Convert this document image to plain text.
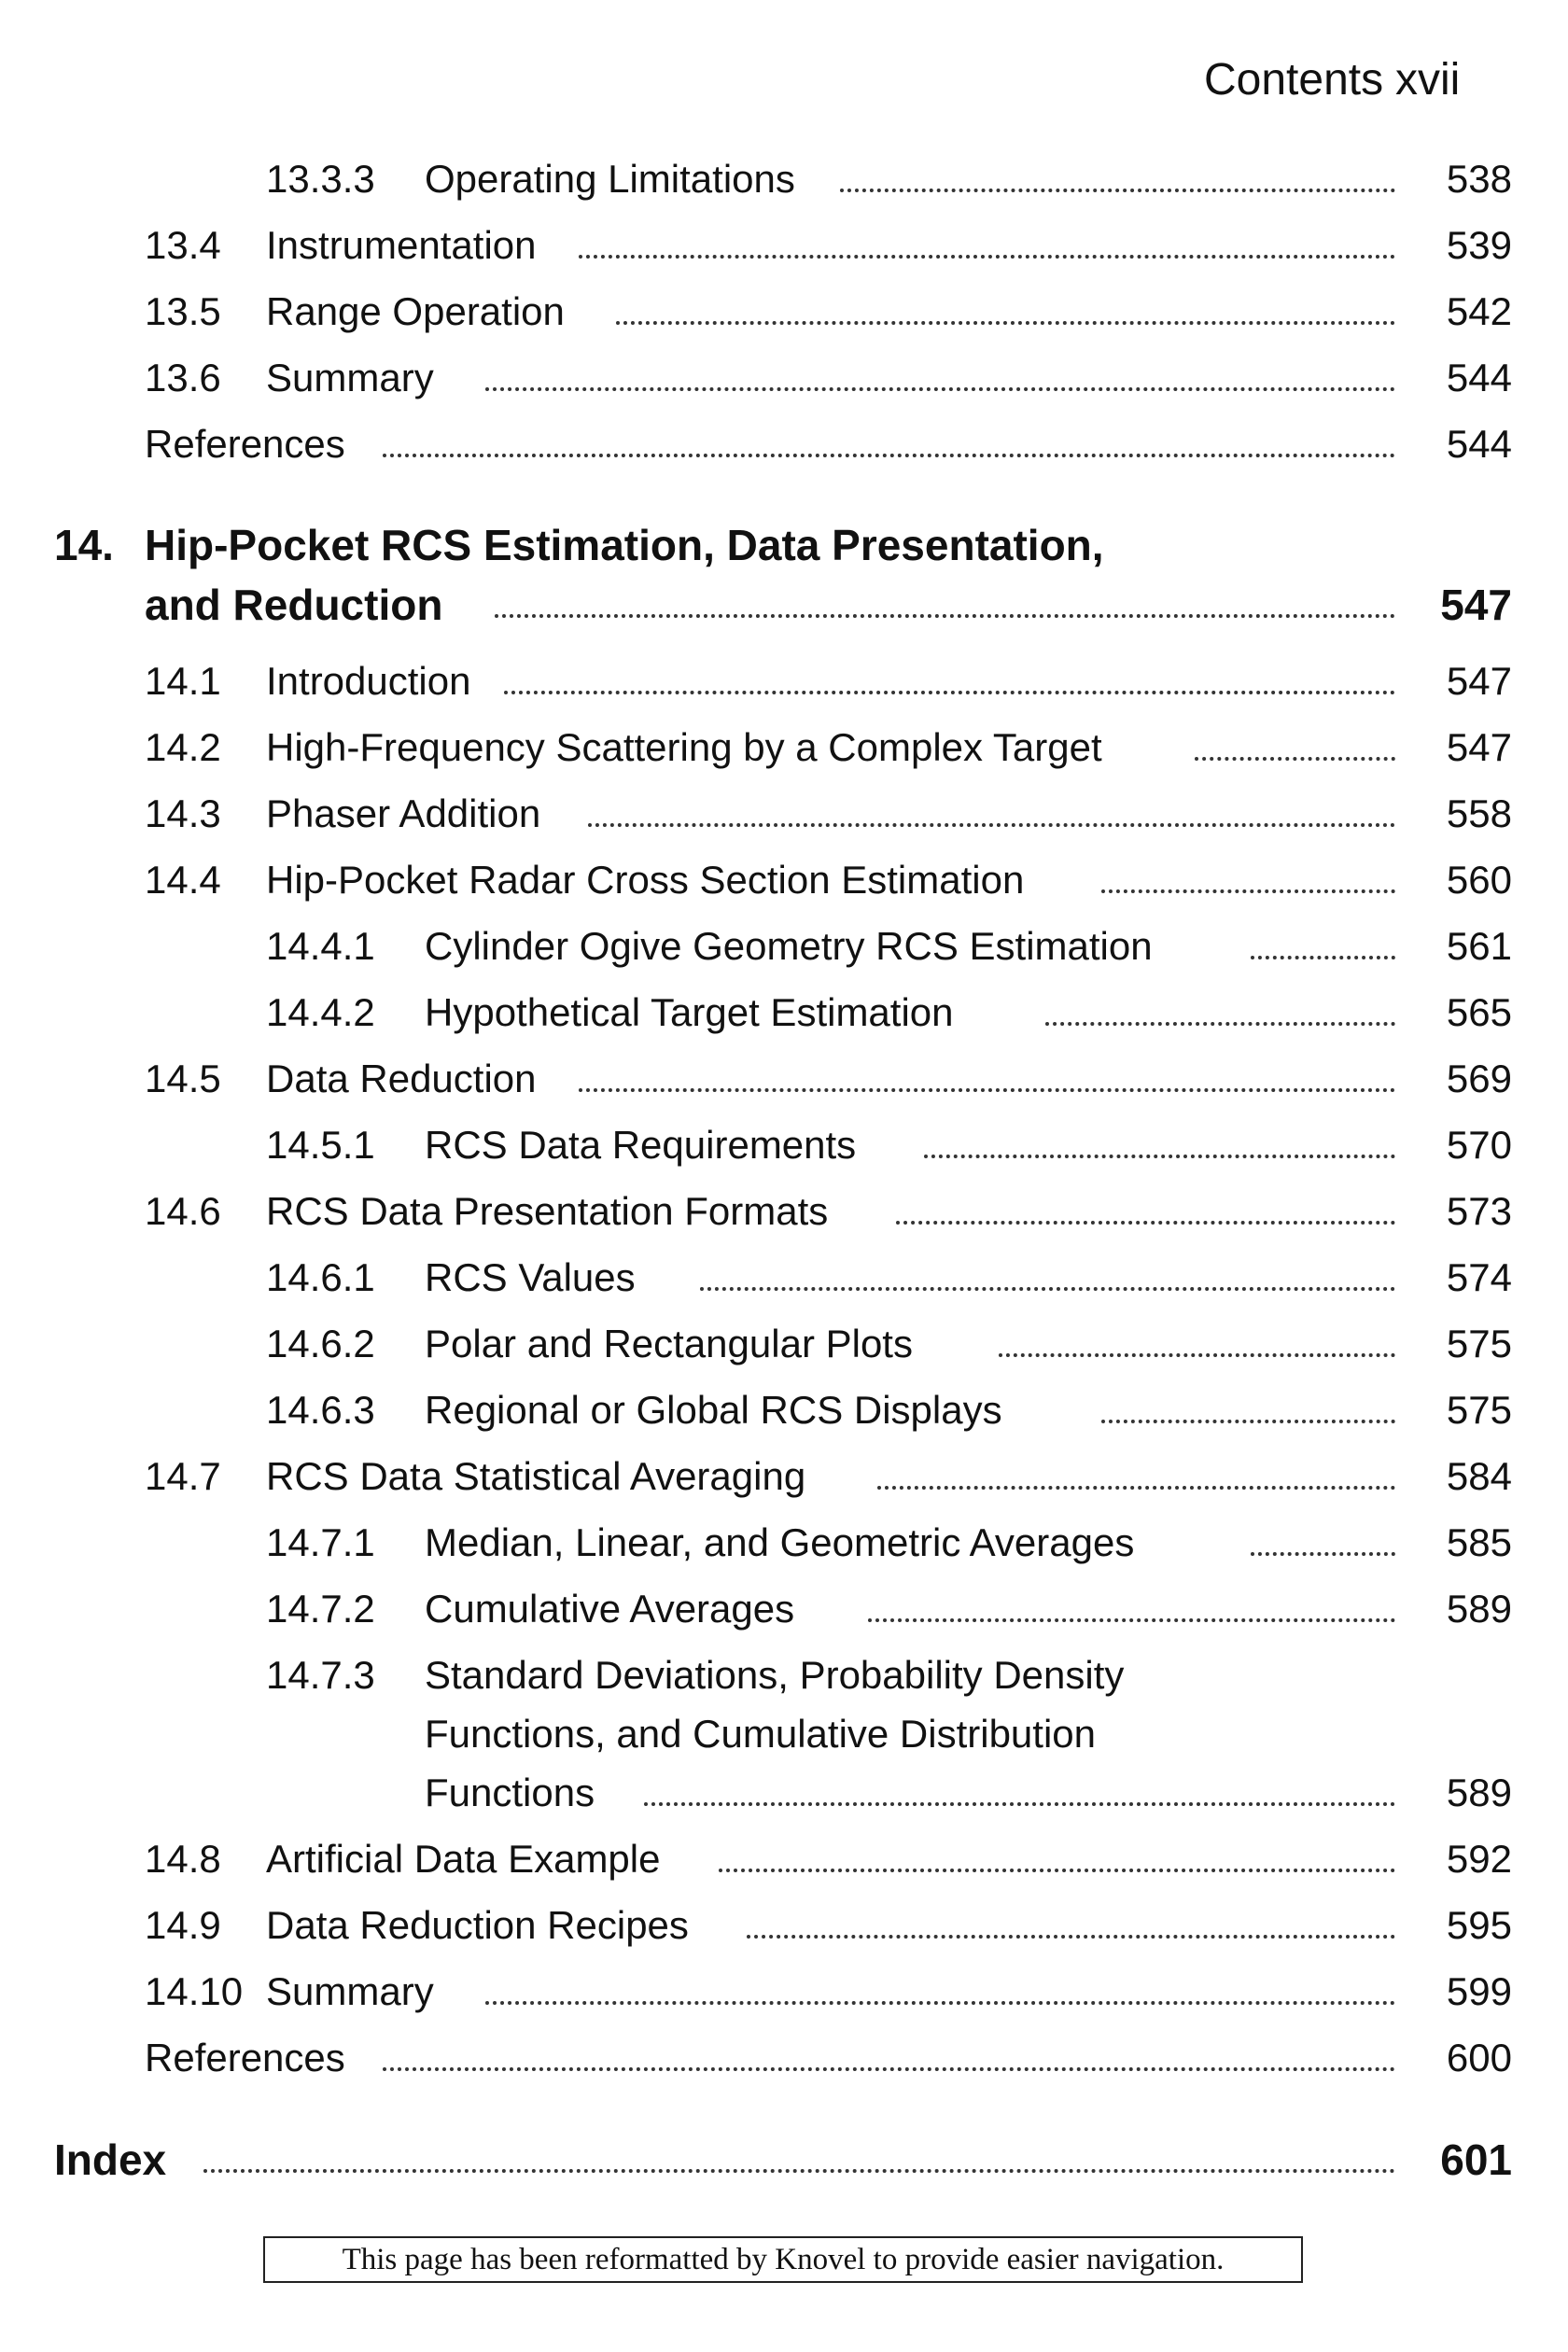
Contents xvii
13.3.3 Operating Limitations	538
13.4 Instrumentation	539
13.5 Range Operation	542
13.6 Summary	544
References	544
14. Hip-Pocket RCS Estimation, Data Presentation,
and Reduction	547
14.1 Introduction	547
14.2 High-Frequency Scattering by a Complex Target	547
14.3 Phaser Addition	558
14.4 Hip-Pocket Radar Cross Section Estimation	560
14.4.1 Cylinder Ogive Geometry RCS Estimation	561
14.4.2 Hypothetical Target Estimation	565
14.5 Data Reduction	569
14.5.1 RCS Data Requirements	570
14.6 RCS Data Presentation Formats	573
14.6.1 RCS Values	574
14.6.2 Polar and Rectangular Plots	575
14.6.3 Regional or Global RCS Displays	575
14.7 RCS Data Statistical Averaging	584
14.7.1 Median, Linear, and Geometric Averages	585
14.7.2 Cumulative Averages	589
14.7.3 Standard Deviations, Probability Density
Functions, and Cumulative Distribution
Functions	589
14.8 Artificial Data Example	592
14.9 Data Reduction Recipes	595
14.10 Summary	599
References	600
Index	601
This page has been reformatted by Knovel to provide easier navigation.
